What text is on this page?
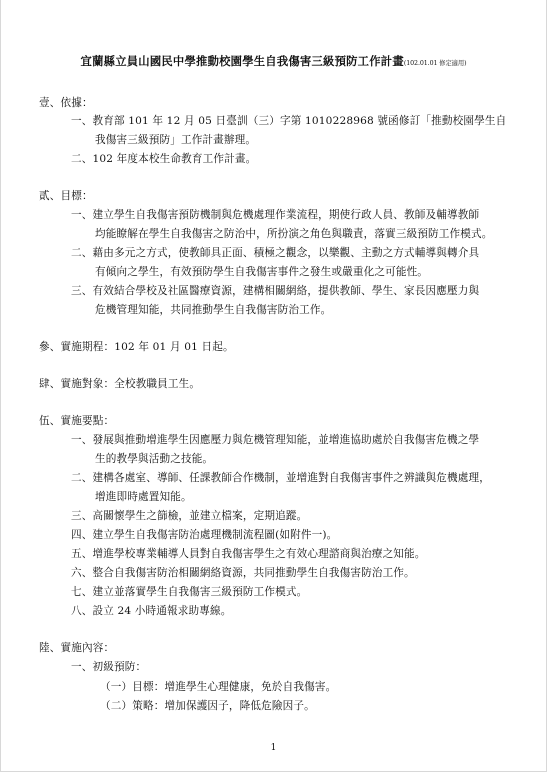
宜蘭縣立員山國民中學推動校園學生自我傷害三級預防工作計畫(102.01.01 修定適用)
壹、依據：
一、教育部 101 年 12 月 05 日臺訓（三）字第 1010228968 號函修訂「推動校園學生自
我傷害三級預防」工作計畫辦理。
二、102 年度本校生命教育工作計畫。
貳、目標：
一、建立學生自我傷害預防機制與危機處理作業流程，期使行政人員、教師及輔導教師
均能瞭解在學生自我傷害之防治中，所扮演之角色與職責，落實三級預防工作模式。
二、藉由多元之方式，使教師具正面、積極之觀念，以樂觀、主動之方式輔導與轉介具
有傾向之學生，有效預防學生自我傷害事件之發生或嚴重化之可能性。
三、有效結合學校及社區醫療資源，建構相關網絡，提供教師、學生、家長因應壓力與
危機管理知能，共同推動學生自我傷害防治工作。
參、實施期程：102 年 01 月 01 日起。
肆、實施對象：全校教職員工生。
伍、實施要點：
一、發展與推動增進學生因應壓力與危機管理知能，並增進協助處於自我傷害危機之學
生的教學與活動之技能。
二、建構各處室、導師、任課教師合作機制，並增進對自我傷害事件之辨識與危機處理，
增進即時處置知能。
三、高關懷學生之篩檢，並建立檔案，定期追蹤。
四、建立學生自我傷害防治處理機制流程圖(如附件一)。
五、增進學校專業輔導人員對自我傷害學生之有效心理諮商與治療之知能。
六、整合自我傷害防治相關網絡資源，共同推動學生自我傷害防治工作。
七、建立並落實學生自我傷害三級預防工作模式。
八、設立 24 小時通報求助專線。
陸、實施內容：
一、初級預防：
（一）目標：增進學生心理健康，免於自我傷害。
（二）策略：增加保護因子，降低危險因子。
1
